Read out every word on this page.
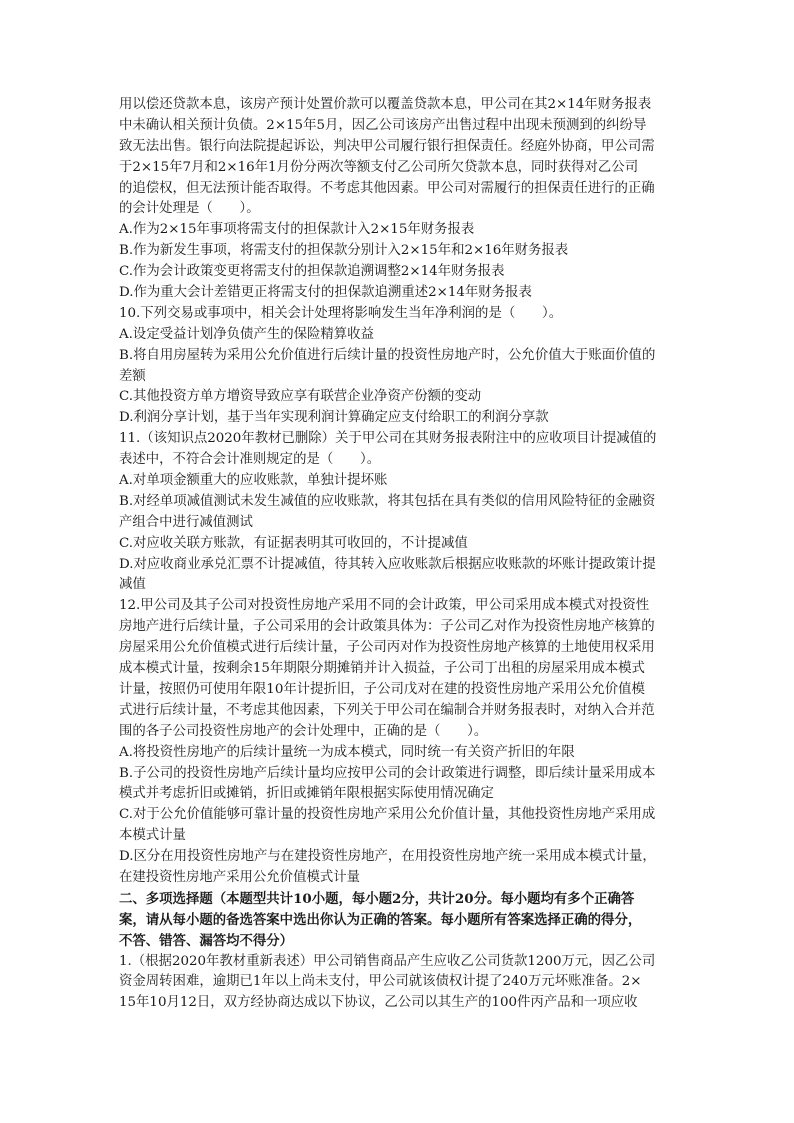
用以偿还贷款本息，该房产预计处置价款可以覆盖贷款本息，甲公司在其2×14年财务报表
中未确认相关预计负债。2×15年5月，因乙公司该房产出售过程中出现未预测到的纠纷导
致无法出售。银行向法院提起诉讼，判决甲公司履行银行担保责任。经庭外协商，甲公司需
于2×15年7月和2×16年1月份分两次等额支付乙公司所欠贷款本息，同时获得对乙公司
的追偿权，但无法预计能否取得。不考虑其他因素。甲公司对需履行的担保责任进行的正确
的会计处理是（　　）。
A.作为2×15年事项将需支付的担保款计入2×15年财务报表
B.作为新发生事项，将需支付的担保款分别计入2×15年和2×16年财务报表
C.作为会计政策变更将需支付的担保款追溯调整2×14年财务报表
D.作为重大会计差错更正将需支付的担保款追溯重述2×14年财务报表
10.下列交易或事项中，相关会计处理将影响发生当年净利润的是（　　）。
A.设定受益计划净负债产生的保险精算收益
B.将自用房屋转为采用公允价值进行后续计量的投资性房地产时，公允价值大于账面价值的
差额
C.其他投资方单方增资导致应享有联营企业净资产份额的变动
D.利润分享计划，基于当年实现利润计算确定应支付给职工的利润分享款
11.（该知识点2020年教材已删除）关于甲公司在其财务报表附注中的应收项目计提减值的
表述中，不符合会计准则规定的是（　　）。
A.对单项金额重大的应收账款，单独计提坏账
B.对经单项减值测试未发生减值的应收账款，将其包括在具有类似的信用风险特征的金融资
产组合中进行减值测试
C.对应收关联方账款，有证据表明其可收回的，不计提减值
D.对应收商业承兑汇票不计提减值，待其转入应收账款后根据应收账款的坏账计提政策计提
减值
12.甲公司及其子公司对投资性房地产采用不同的会计政策，甲公司采用成本模式对投资性
房地产进行后续计量，子公司采用的会计政策具体为：子公司乙对作为投资性房地产核算的
房屋采用公允价值模式进行后续计量，子公司丙对作为投资性房地产核算的土地使用权采用
成本模式计量，按剩余15年期限分期摊销并计入损益，子公司丁出租的房屋采用成本模式
计量，按照仍可使用年限10年计提折旧，子公司戊对在建的投资性房地产采用公允价值模
式进行后续计量，不考虑其他因素，下列关于甲公司在编制合并财务报表时，对纳入合并范
围的各子公司投资性房地产的会计处理中，正确的是（　　）。
A.将投资性房地产的后续计量统一为成本模式，同时统一有关资产折旧的年限
B.子公司的投资性房地产后续计量均应按甲公司的会计政策进行调整，即后续计量采用成本
模式并考虑折旧或摊销，折旧或摊销年限根据实际使用情况确定
C.对于公允价值能够可靠计量的投资性房地产采用公允价值计量，其他投资性房地产采用成
本模式计量
D.区分在用投资性房地产与在建投资性房地产，在用投资性房地产统一采用成本模式计量，
在建投资性房地产采用公允价值模式计量
二、多项选择题（本题型共计10小题，每小题2分，共计20分。每小题均有多个正确答
案，请从每小题的备选答案中选出你认为正确的答案。每小题所有答案选择正确的得分，
不答、错答、漏答均不得分）
1.（根据2020年教材重新表述）甲公司销售商品产生应收乙公司货款1200万元，因乙公司
资金周转困难，逾期已1年以上尚未支付，甲公司就该债权计提了240万元坏账准备。2×
15年10月12日，双方经协商达成以下协议，乙公司以其生产的100件丙产品和一项应收
